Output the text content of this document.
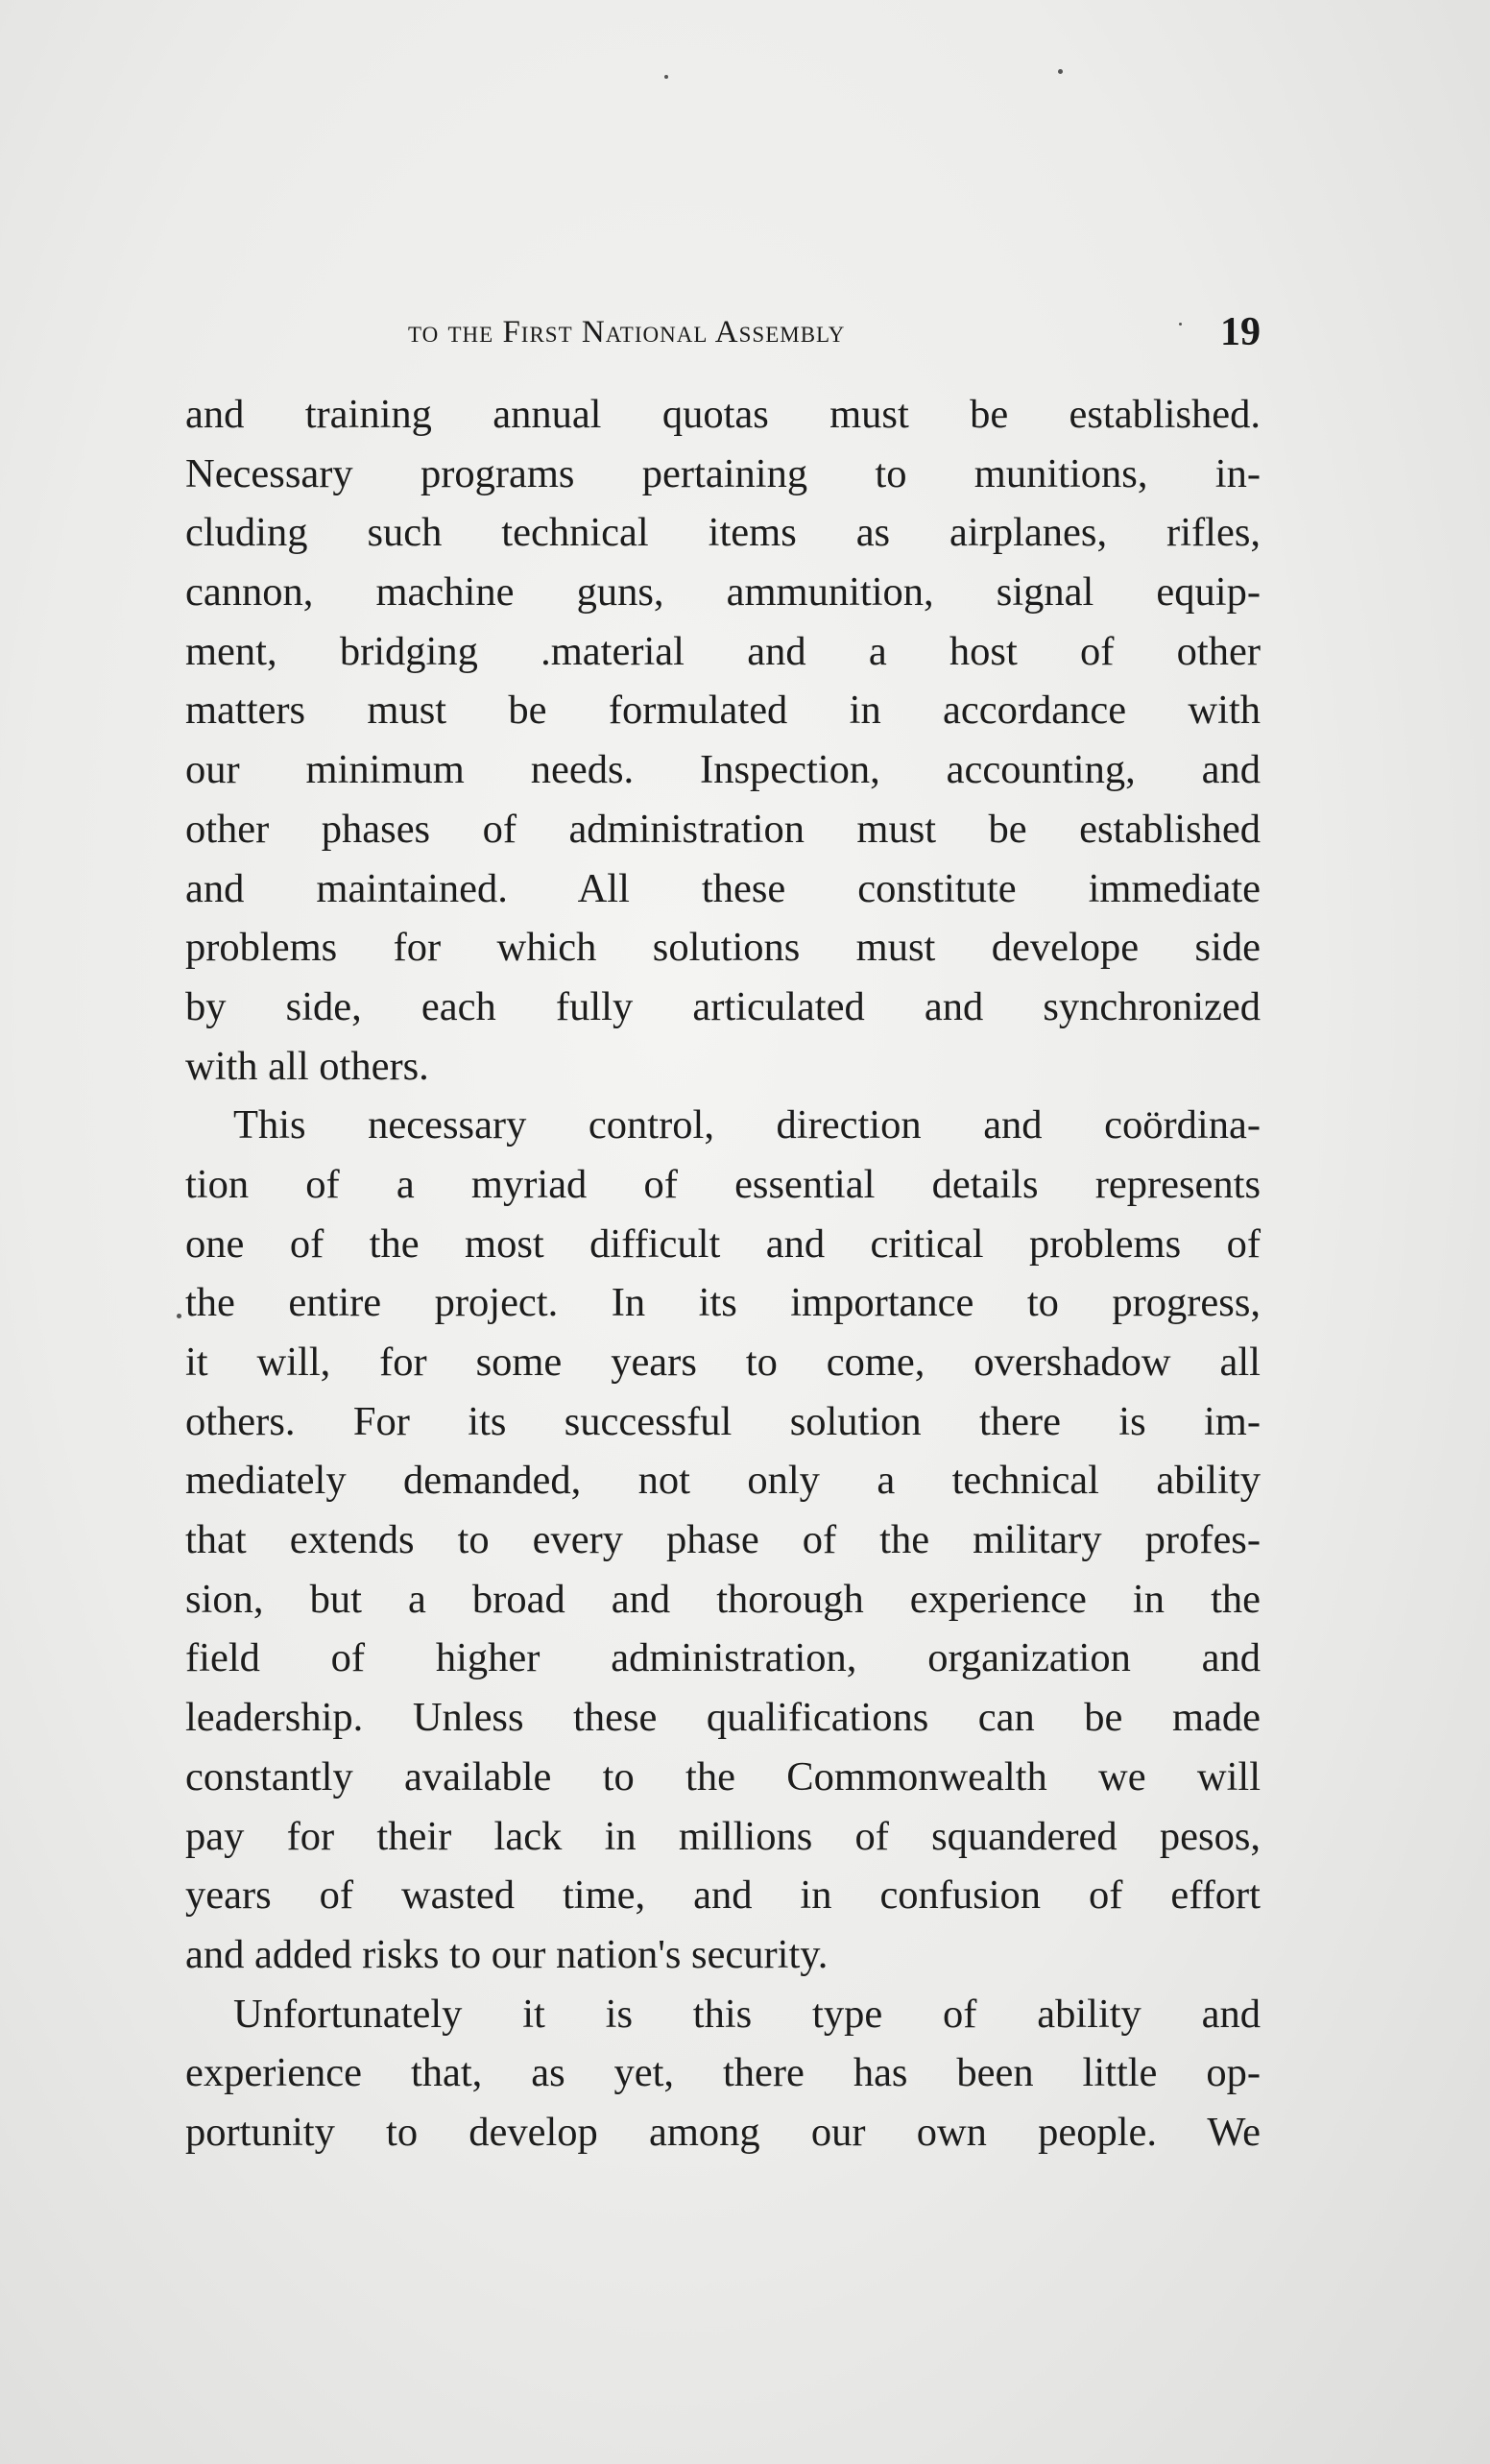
to the First National Assembly	19
and training annual quotas must be established.
Necessary programs pertaining to munitions, in-
cluding such technical items as airplanes, rifles,
cannon, machine guns, ammunition, signal equip-
ment, bridging .material and a host of other
matters must be formulated in accordance with
our minimum needs. Inspection, accounting, and
other phases of administration must be established
and maintained. All these constitute immediate
problems for which solutions must develope side
by side, each fully articulated and synchronized
with all others.
This necessary control, direction and coördina-
tion of a myriad of essential details represents
one of the most difficult and critical problems of
the entire project. In its importance to progress,
it will, for some years to come, overshadow all
others. For its successful solution there is im-
mediately demanded, not only a technical ability
that extends to every phase of the military profes-
sion, but a broad and thorough experience in the
field of higher administration, organization and
leadership. Unless these qualifications can be made
constantly available to the Commonwealth we will
pay for their lack in millions of squandered pesos,
years of wasted time, and in confusion of effort
and added risks to our nation's security.
Unfortunately it is this type of ability and
experience that, as yet, there has been little op-
portunity to develop among our own people. We
